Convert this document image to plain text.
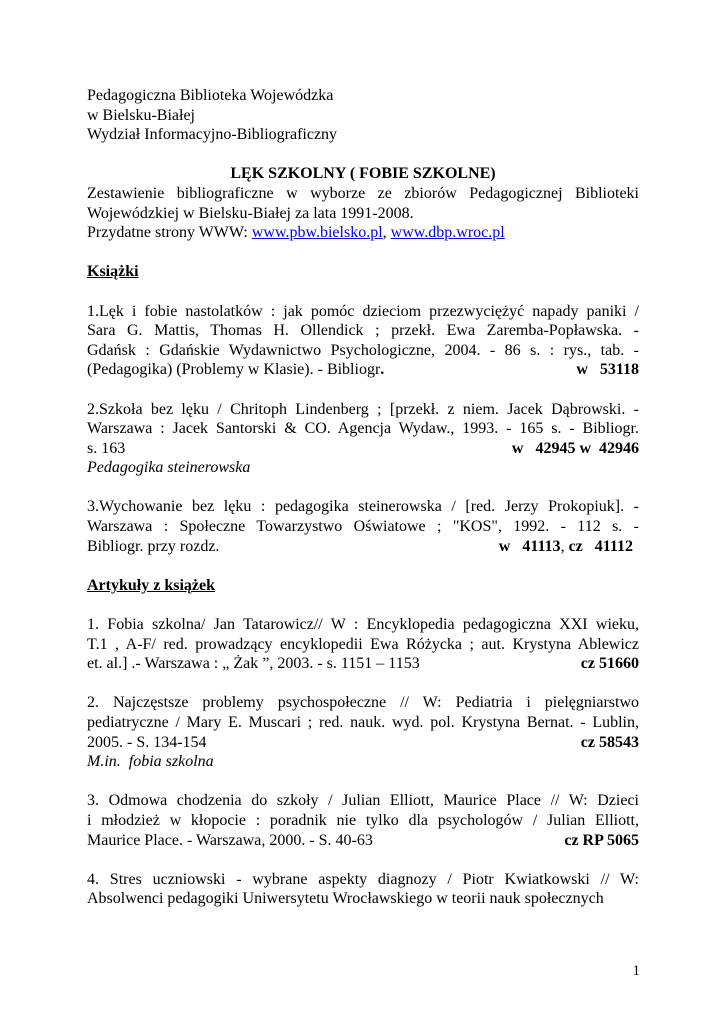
Pedagogiczna Biblioteka Wojewódzka
w Bielsku-Białej
Wydział Informacyjno-Bibliograficzny
LĘK SZKOLNY ( FOBIE SZKOLNE)
Zestawienie bibliograficzne w wyborze ze zbiorów Pedagogicznej Biblioteki
Wojewódzkiej w Bielsku-Białej za lata 1991-2008.
Przydatne strony WWW: www.pbw.bielsko.pl, www.dbp.wroc.pl
Książki
1.Lęk i fobie nastolatków : jak pomóc dzieciom przezwyciężyć napady paniki /
Sara G. Mattis, Thomas H. Ollendick ; przekł. Ewa Zaremba-Popławska. -
Gdańsk : Gdańskie Wydawnictwo Psychologiczne, 2004. - 86 s. : rys., tab. -
(Pedagogika) (Problemy w Klasie). - Bibliogr.	w   53118
2.Szkoła bez lęku / Chritoph Lindenberg ; [przekł. z niem. Jacek Dąbrowski. -
Warszawa : Jacek Santorski & CO. Agencja Wydaw., 1993. - 165 s. - Bibliogr.
s. 163	w   42945 w  42946
Pedagogika steinerowska
3.Wychowanie bez lęku : pedagogika steinerowska / [red. Jerzy Prokopiuk]. -
Warszawa : Społeczne Towarzystwo Oświatowe ; "KOS", 1992. - 112 s. -
Bibliogr. przy rozdz.	w   41113, cz   41112
Artykuły z książek
1. Fobia szkolna/ Jan Tatarowicz// W : Encyklopedia pedagogiczna XXI wieku,
T.1 , A-F/ red. prowadzący encyklopedii Ewa Różycka ; aut. Krystyna Ablewicz
et. al.] .- Warszawa : „ Żak ”, 2003. - s. 1151 – 1153	cz 51660
2. Najczęstsze problemy psychospołeczne // W: Pediatria i pielęgniarstwo
pediatryczne / Mary E. Muscari ; red. nauk. wyd. pol. Krystyna Bernat. - Lublin,
2005. - S. 134-154	cz 58543
M.in.  fobia szkolna
3. Odmowa chodzenia do szkoły / Julian Elliott, Maurice Place // W: Dzieci
i młodzież w kłopocie : poradnik nie tylko dla psychologów / Julian Elliott,
Maurice Place. - Warszawa, 2000. - S. 40-63	cz RP 5065
4. Stres uczniowski - wybrane aspekty diagnozy / Piotr Kwiatkowski // W:
Absolwenci pedagogiki Uniwersytetu Wrocławskiego w teorii nauk społecznych
1
